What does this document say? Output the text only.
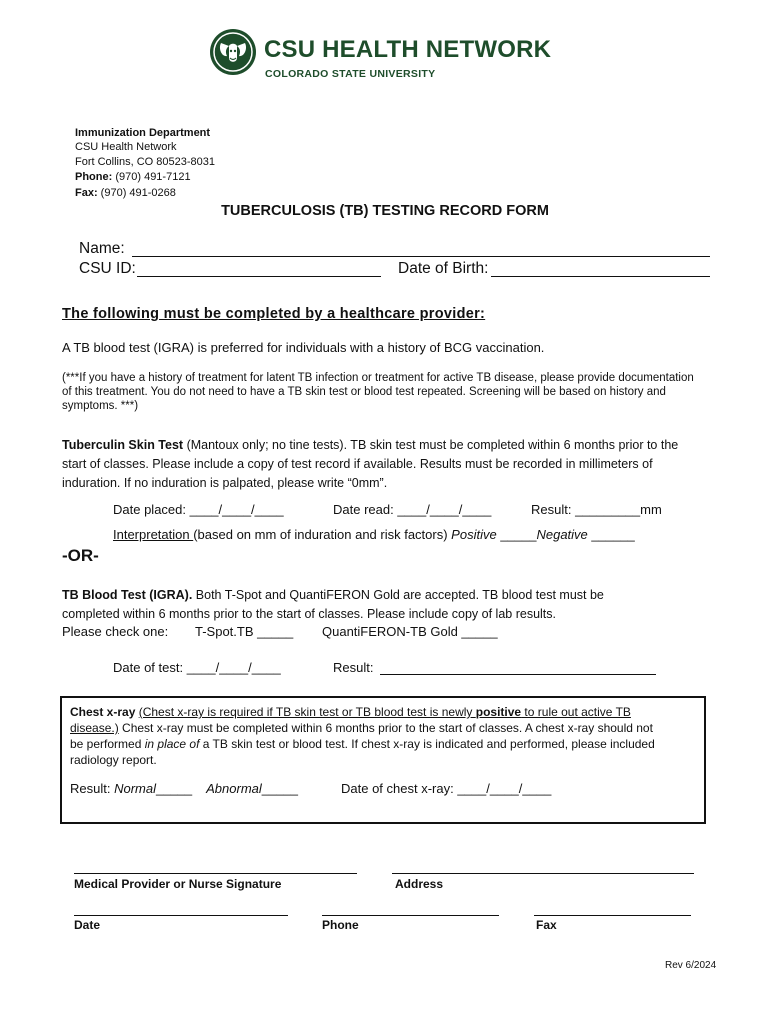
CSU HEALTH NETWORK
COLORADO STATE UNIVERSITY
Immunization Department
CSU Health Network
Fort Collins, CO 80523-8031
Phone: (970) 491-7121
Fax: (970) 491-0268
TUBERCULOSIS (TB) TESTING RECORD FORM
Name:
CSU ID:	Date of Birth:
The following must be completed by a healthcare provider:
A TB blood test (IGRA) is preferred for individuals with a history of BCG vaccination.
(***If you have a history of treatment for latent TB infection or treatment for active TB disease, please provide documentation of this treatment. You do not need to have a TB skin test or blood test repeated. Screening will be based on history and symptoms. ***)
Tuberculin Skin Test (Mantoux only; no tine tests). TB skin test must be completed within 6 months prior to the start of classes. Please include a copy of test record if available. Results must be recorded in millimeters of induration. If no induration is palpated, please write “0mm”.
Date placed: ____/____/____	Date read: ____/____/____	Result: _________mm
Interpretation (based on mm of induration and risk factors) Positive _____Negative ______
-OR-
TB Blood Test (IGRA). Both T-Spot and QuantiFERON Gold are accepted. TB blood test must be completed within 6 months prior to the start of classes. Please include copy of lab results.
Please check one: T-Spot.TB _____ QuantiFERON-TB Gold _____
Date of test: ____/____/____	Result:
Chest x-ray (Chest x-ray is required if TB skin test or TB blood test is newly positive to rule out active TB disease.) Chest x-ray must be completed within 6 months prior to the start of classes. A chest x-ray should not be performed in place of a TB skin test or blood test. If chest x-ray is indicated and performed, please included radiology report.
Result: Normal_____ Abnormal_____	Date of chest x-ray: ____/____/____
Medical Provider or Nurse Signature	Address
Date	Phone	Fax
Rev 6/2024
